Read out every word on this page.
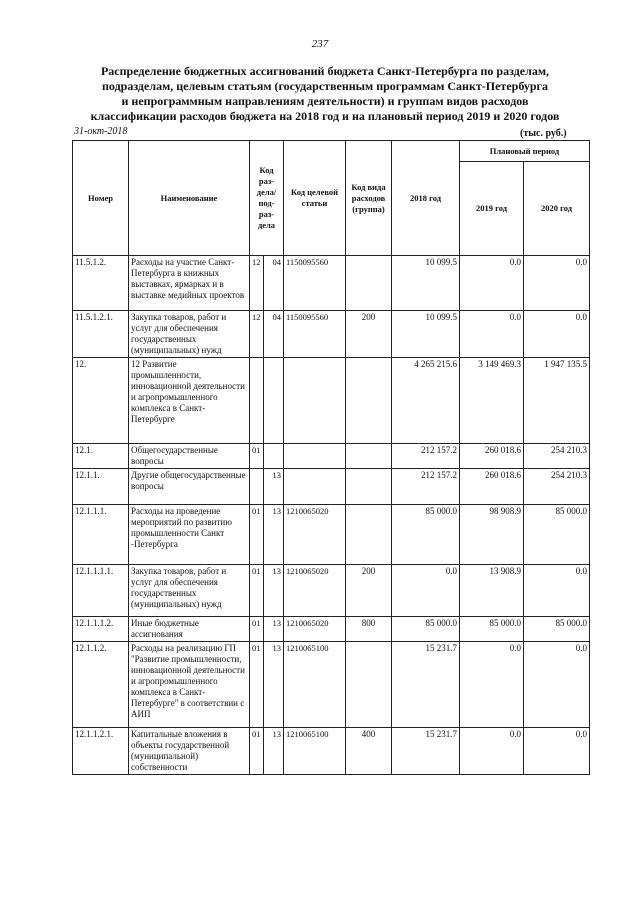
237
Распределение бюджетных ассигнований бюджета Санкт-Петербурга по разделам,
подразделам, целевым статьям (государственным программам Санкт-Петербурга
и непрограммным направлениям деятельности) и группам видов расходов
классификации расходов бюджета на 2018 год и на плановый период 2019 и 2020 годов
31-окт-2018	(тыс. руб.)
Номер	Наименование	Код раз-дела/ под-раз-дела		Код целевой статьи	Код вида расходов (группа)	2018 год	Плановый период	
							2019 год	2020 год
11.5.1.2.	Расходы на участие Санкт-Петербурга в книжных выставках, ярмарках и в выставке медийных проектов	12	04	1150095560		10 099.5	0.0	0.0
11.5.1.2.1.	Закупка товаров, работ и услуг для обеспечения государственных (муниципальных) нужд	12	04	1150095560	200	10 099.5	0.0	0.0
12.	12 Развитие промышленности, инновационной деятельности и агропромышленного комплекса в Санкт-Петербурге					4 265 215.6	3 149 469.3	1 947 135.5
12.1.	Общегосударственные вопросы	01				212 157.2	260 018.6	254 210.3
12.1.1.	Другие общегосударственные вопросы		13			212 157.2	260 018.6	254 210.3
12.1.1.1.	Расходы на проведение мероприятий по развитию промышленности Санкт -Петербурга	01	13	1210065020		85 000.0	98 908.9	85 000.0
12.1.1.1.1.	Закупка товаров, работ и услуг для обеспечения государственных (муниципальных) нужд	01	13	1210065020	200	0.0	13 908.9	0.0
12.1.1.1.2.	Иные бюджетные ассигнования	01	13	1210065020	800	85 000.0	85 000.0	85 000.0
12.1.1.2.	Расходы на реализацию ГП "Развитие промышленности, инновационной деятельности и агропромышленного комплекса в Санкт-Петербурге" в соответствии с АИП	01	13	1210065100		15 231.7	0.0	0.0
12.1.1.2.1.	Капитальные вложения в объекты государственной (муниципальной) собственности	01	13	1210065100	400	15 231.7	0.0	0.0
